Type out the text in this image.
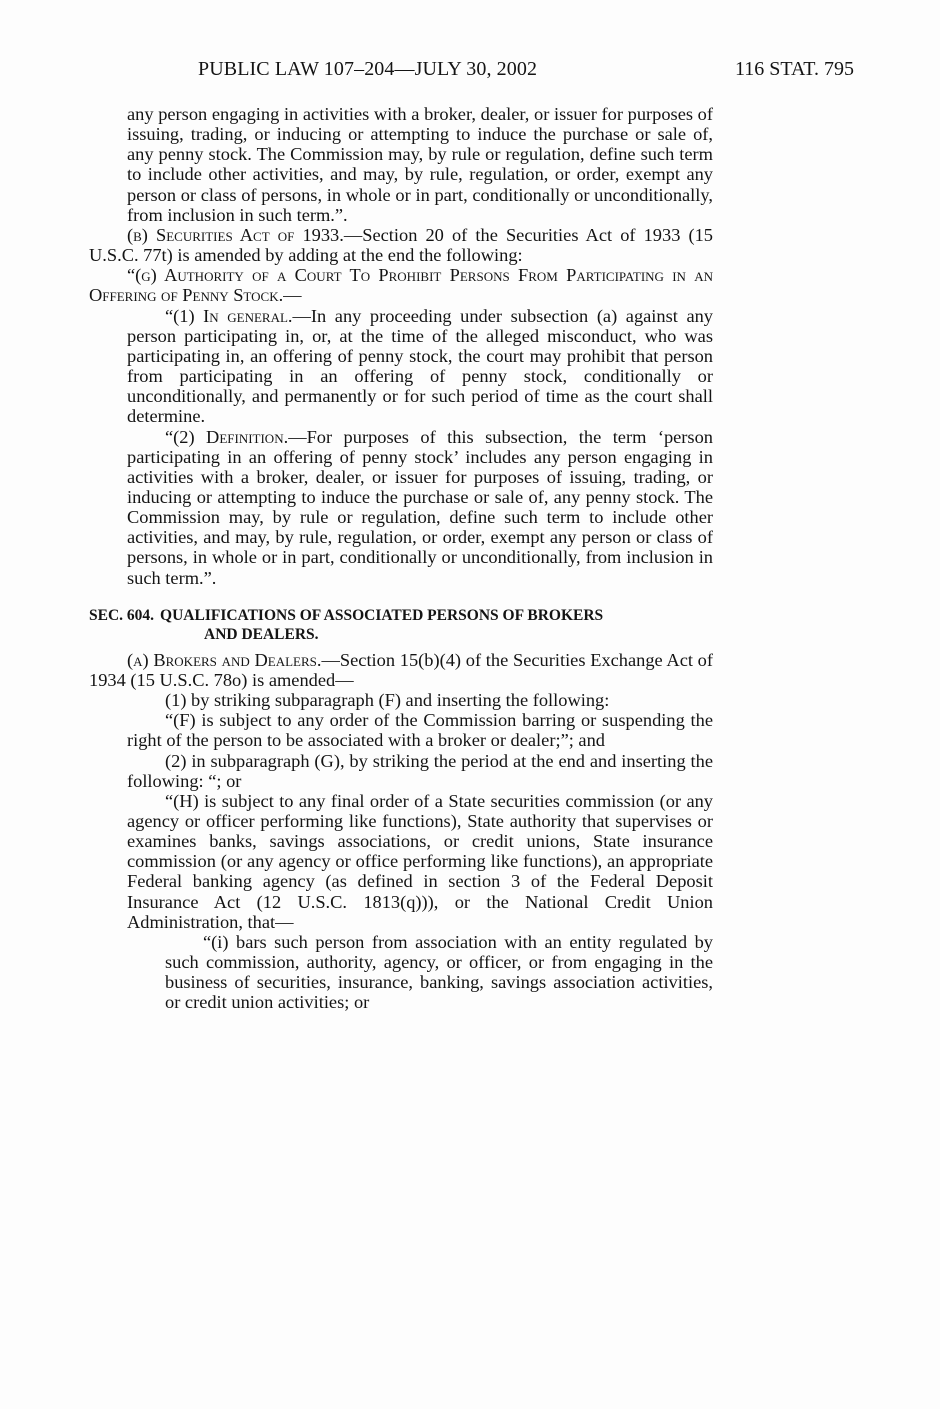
PUBLIC LAW 107–204—JULY 30, 2002	116 STAT. 795

any person engaging in activities with a broker, dealer, or issuer for purposes of issuing, trading, or inducing or attempting to induce the purchase or sale of, any penny stock. The Commission may, by rule or regulation, define such term to include other activities, and may, by rule, regulation, or order, exempt any person or class of persons, in whole or in part, conditionally or unconditionally, from inclusion in such term.”.

(b) Securities Act of 1933.—Section 20 of the Securities Act of 1933 (15 U.S.C. 77t) is amended by adding at the end the following:

“(g) Authority of a Court To Prohibit Persons From Participating in an Offering of Penny Stock.—

“(1) In general.—In any proceeding under subsection (a) against any person participating in, or, at the time of the alleged misconduct, who was participating in, an offering of penny stock, the court may prohibit that person from participating in an offering of penny stock, conditionally or unconditionally, and permanently or for such period of time as the court shall determine.

“(2) Definition.—For purposes of this subsection, the term ‘person participating in an offering of penny stock’ includes any person engaging in activities with a broker, dealer, or issuer for purposes of issuing, trading, or inducing or attempting to induce the purchase or sale of, any penny stock. The Commission may, by rule or regulation, define such term to include other activities, and may, by rule, regulation, or order, exempt any person or class of persons, in whole or in part, conditionally or unconditionally, from inclusion in such term.”.

SEC. 604. QUALIFICATIONS OF ASSOCIATED PERSONS OF BROKERS
AND DEALERS.

(a) Brokers and Dealers.—Section 15(b)(4) of the Securities Exchange Act of 1934 (15 U.S.C. 78o) is amended—

(1) by striking subparagraph (F) and inserting the following:

“(F) is subject to any order of the Commission barring or suspending the right of the person to be associated with a broker or dealer;”; and

(2) in subparagraph (G), by striking the period at the end and inserting the following: “; or

“(H) is subject to any final order of a State securities commission (or any agency or officer performing like functions), State authority that supervises or examines banks, savings associations, or credit unions, State insurance commission (or any agency or office performing like functions), an appropriate Federal banking agency (as defined in section 3 of the Federal Deposit Insurance Act (12 U.S.C. 1813(q))), or the National Credit Union Administration, that—

“(i) bars such person from association with an entity regulated by such commission, authority, agency, or officer, or from engaging in the business of securities, insurance, banking, savings association activities, or credit union activities; or
